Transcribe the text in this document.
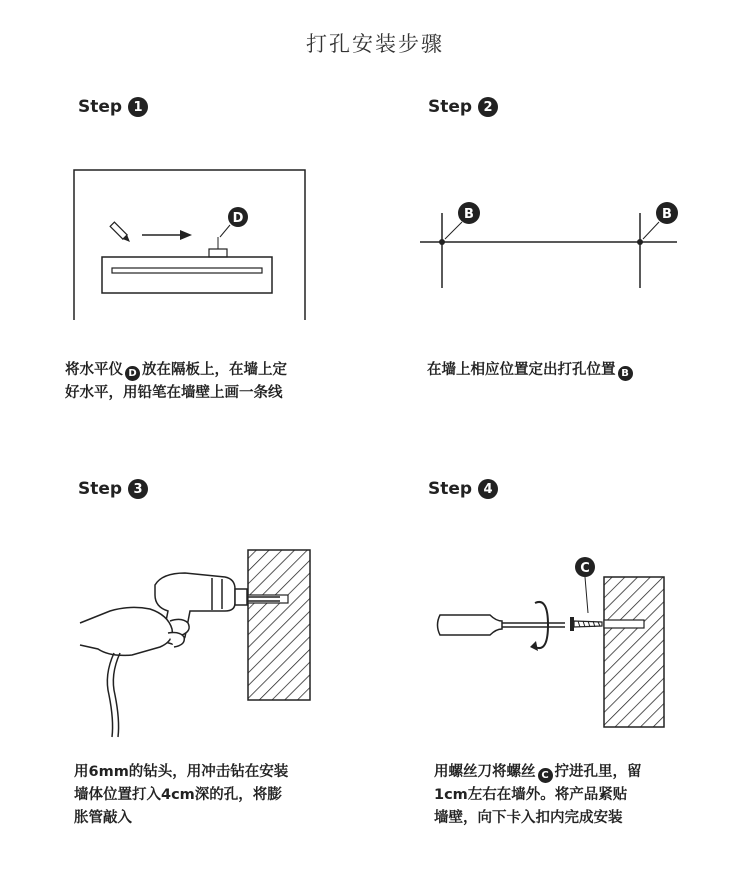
打孔安装步骤
Step 1
D
将水平仪 D 放在隔板上，在墙上定
好水平，用铅笔在墙壁上画一条线
Step 2
B	B
在墙上相应位置定出打孔位置 B
Step 3
用6mm的钻头，用冲击钻在安装
墙体位置打入4cm深的孔，将膨
胀管敲入
Step 4
C
用螺丝刀将螺丝 C 拧进孔里，留
1cm左右在墙外。将产品紧贴
墙壁，向下卡入扣内完成安装
